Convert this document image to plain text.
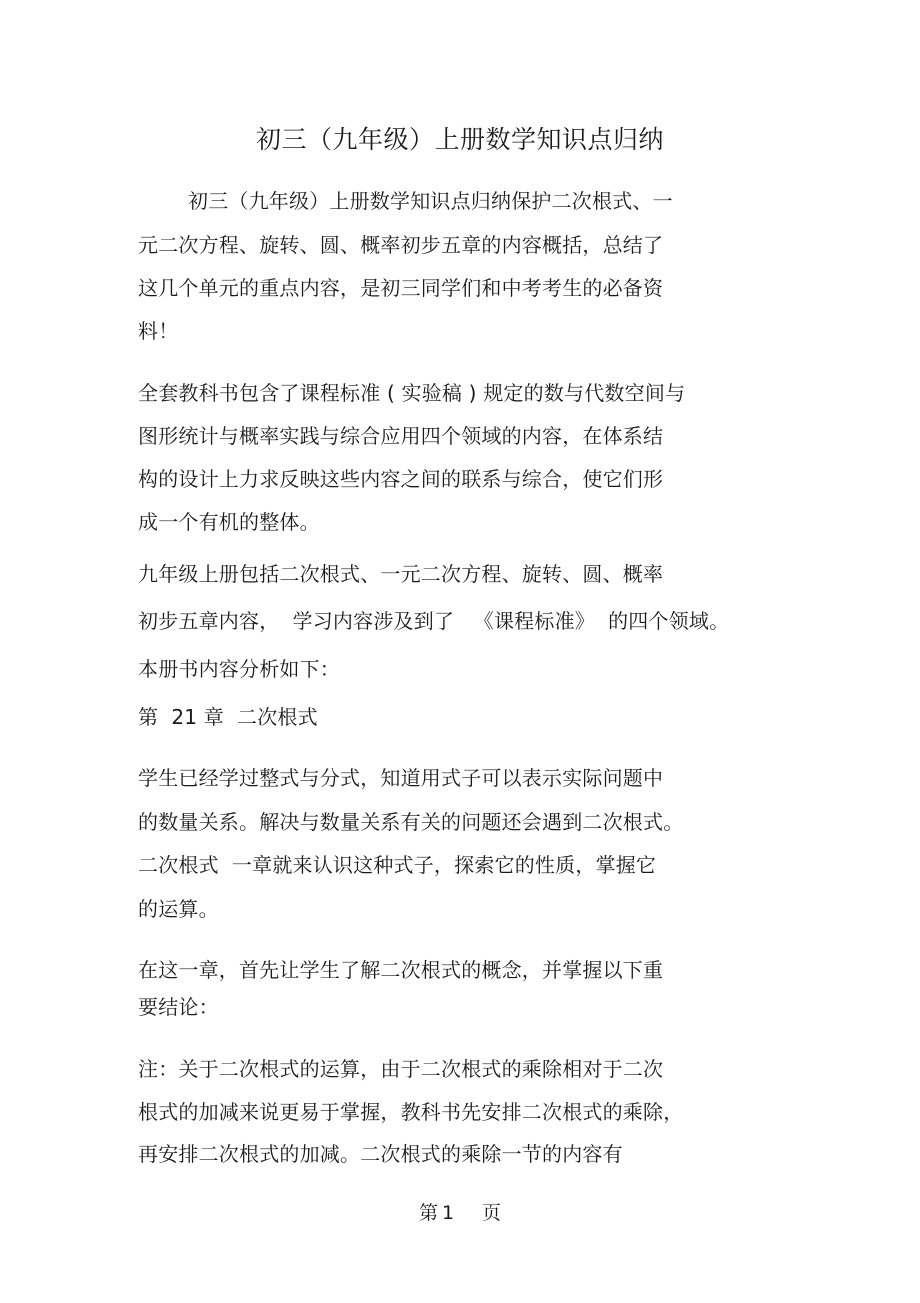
初三（九年级）上册数学知识点归纳

初三（九年级）上册数学知识点归纳保护二次根式、一

元二次方程、旋转、圆、概率初步五章的内容概括，总结了

这几个单元的重点内容，是初三同学们和中考考生的必备资

料！

全套教科书包含了课程标准 ( 实验稿 ) 规定的数与代数空间与

图形统计与概率实践与综合应用四个领域的内容，在体系结

构的设计上力求反映这些内容之间的联系与综合，使它们形

成一个有机的整体。

九年级上册包括二次根式、一元二次方程、旋转、圆、概率

初步五章内容，  学习内容涉及到了   《课程标准》  的四个领域。

本册书内容分析如下：

第  21 章  二次根式

学生已经学过整式与分式，知道用式子可以表示实际问题中

的数量关系。解决与数量关系有关的问题还会遇到二次根式。

二次根式  一章就来认识这种式子，探索它的性质，掌握它

的运算。

在这一章，首先让学生了解二次根式的概念，并掌握以下重

要结论：

注：关于二次根式的运算，由于二次根式的乘除相对于二次

根式的加减来说更易于掌握，教科书先安排二次根式的乘除，

再安排二次根式的加减。二次根式的乘除一节的内容有

第 1 页
